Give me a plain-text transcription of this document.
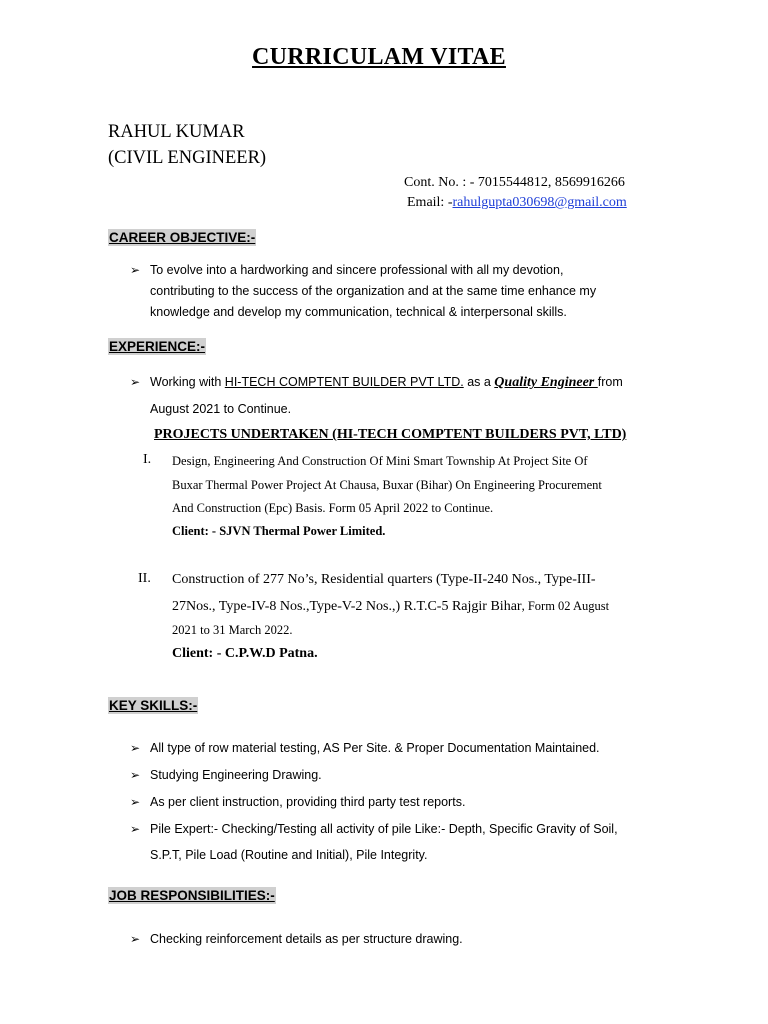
CURRICULAM VITAE
RAHUL KUMAR
(CIVIL ENGINEER)
Cont. No. : - 7015544812, 8569916266
Email: -rahulgupta030698@gmail.com
CAREER OBJECTIVE:-
➢ To evolve into a hardworking and sincere professional with all my devotion,
contributing to the success of the organization and at the same time enhance my
knowledge and develop my communication, technical & interpersonal skills.
EXPERIENCE:-
➢ Working with HI-TECH COMPTENT BUILDER PVT LTD. as a Quality Engineer from
August 2021 to Continue.
PROJECTS UNDERTAKEN (HI-TECH COMPTENT BUILDERS PVT, LTD)
I. Design, Engineering And Construction Of Mini Smart Township At Project Site Of
Buxar Thermal Power Project At Chausa, Buxar (Bihar) On Engineering Procurement
And Construction (Epc) Basis. Form 05 April 2022 to Continue.
Client: - SJVN Thermal Power Limited.
II. Construction of 277 No’s, Residential quarters (Type-II-240 Nos., Type-III-
27Nos., Type-IV-8 Nos.,Type-V-2 Nos.,) R.T.C-5 Rajgir Bihar, Form 02 August
2021 to 31 March 2022.
Client: - C.P.W.D Patna.
KEY SKILLS:-
➢ All type of row material testing, AS Per Site. & Proper Documentation Maintained.
➢ Studying Engineering Drawing.
➢ As per client instruction, providing third party test reports.
➢ Pile Expert:- Checking/Testing all activity of pile Like:- Depth, Specific Gravity of Soil,
S.P.T, Pile Load (Routine and Initial), Pile Integrity.
JOB RESPONSIBILITIES:-
➢ Checking reinforcement details as per structure drawing.
